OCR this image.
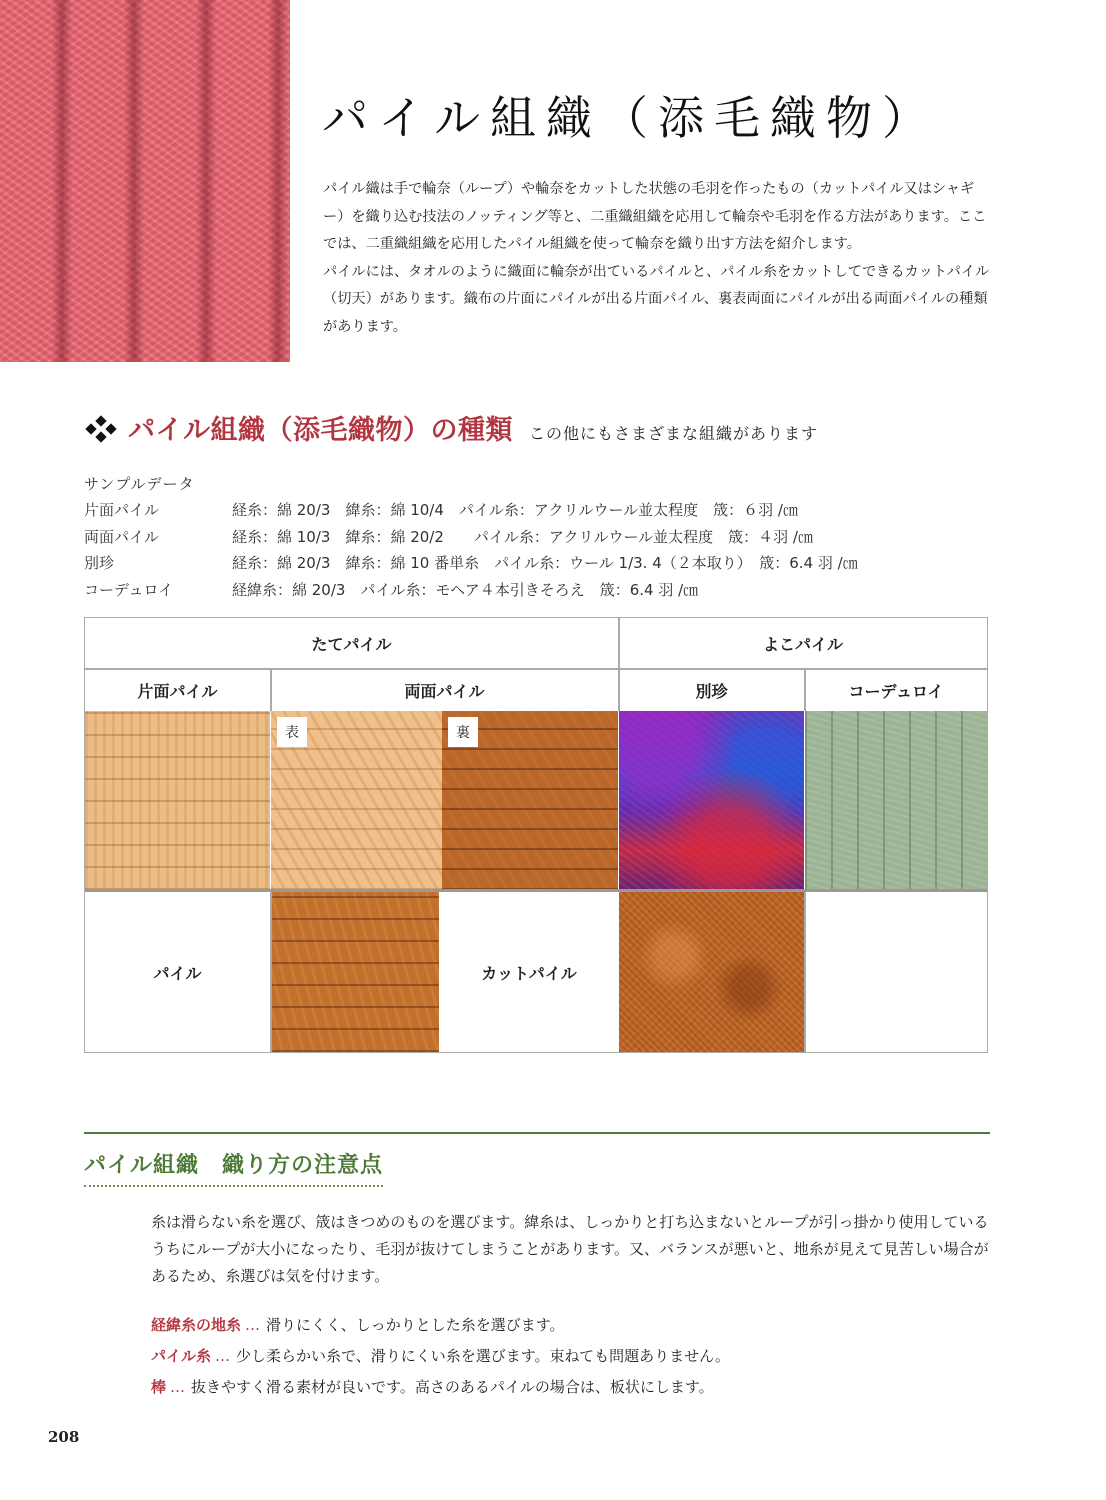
パイル組織（添毛織物）

パイル織は手で輪奈（ループ）や輪奈をカットした状態の毛羽を作ったもの（カットパイル又はシャギー）を織り込む技法のノッティング等と、二重織組織を応用して輪奈や毛羽を作る方法があります。ここでは、二重織組織を応用したパイル組織を使って輪奈を織り出す方法を紹介します。

パイルには、タオルのように織面に輪奈が出ているパイルと、パイル糸をカットしてできるカットパイル（切天）があります。織布の片面にパイルが出る片面パイル、裏表両面にパイルが出る両面パイルの種類があります。

パイル組織（添毛織物）の種類 この他にもさまざまな組織があります
サンプルデータ
片面パイル	経糸：綿 20/3　緯糸：綿 10/4　パイル糸：アクリルウール並太程度　筬：６羽 /㎝
両面パイル	経糸：綿 10/3　緯糸：綿 20/2　　パイル糸：アクリルウール並太程度　筬：４羽 /㎝
別珍	経糸：綿 20/3　緯糸：綿 10 番単糸　パイル糸：ウール 1/3. 4（２本取り）　筬：6.4 羽 /㎝
コーデュロイ	経緯糸：綿 20/3　パイル糸：モヘア４本引きそろえ　筬：6.4 羽 /㎝
たてパイル	よこパイル
片面パイル	両面パイル	別珍	コーデュロイ
表	裏
パイル	カットパイル
パイル組織　織り方の注意点

糸は滑らない糸を選び、筬はきつめのものを選びます。緯糸は、しっかりと打ち込まないとループが引っ掛かり使用しているうちにループが大小になったり、毛羽が抜けてしまうことがあります。又、バランスが悪いと、地糸が見えて見苦しい場合があるため、糸選びは気を付けます。

経緯糸の地糸 … 滑りにくく、しっかりとした糸を選びます。
パイル糸 … 少し柔らかい糸で、滑りにくい糸を選びます。束ねても問題ありません。
棒 … 抜きやすく滑る素材が良いです。高さのあるパイルの場合は、板状にします。
208
